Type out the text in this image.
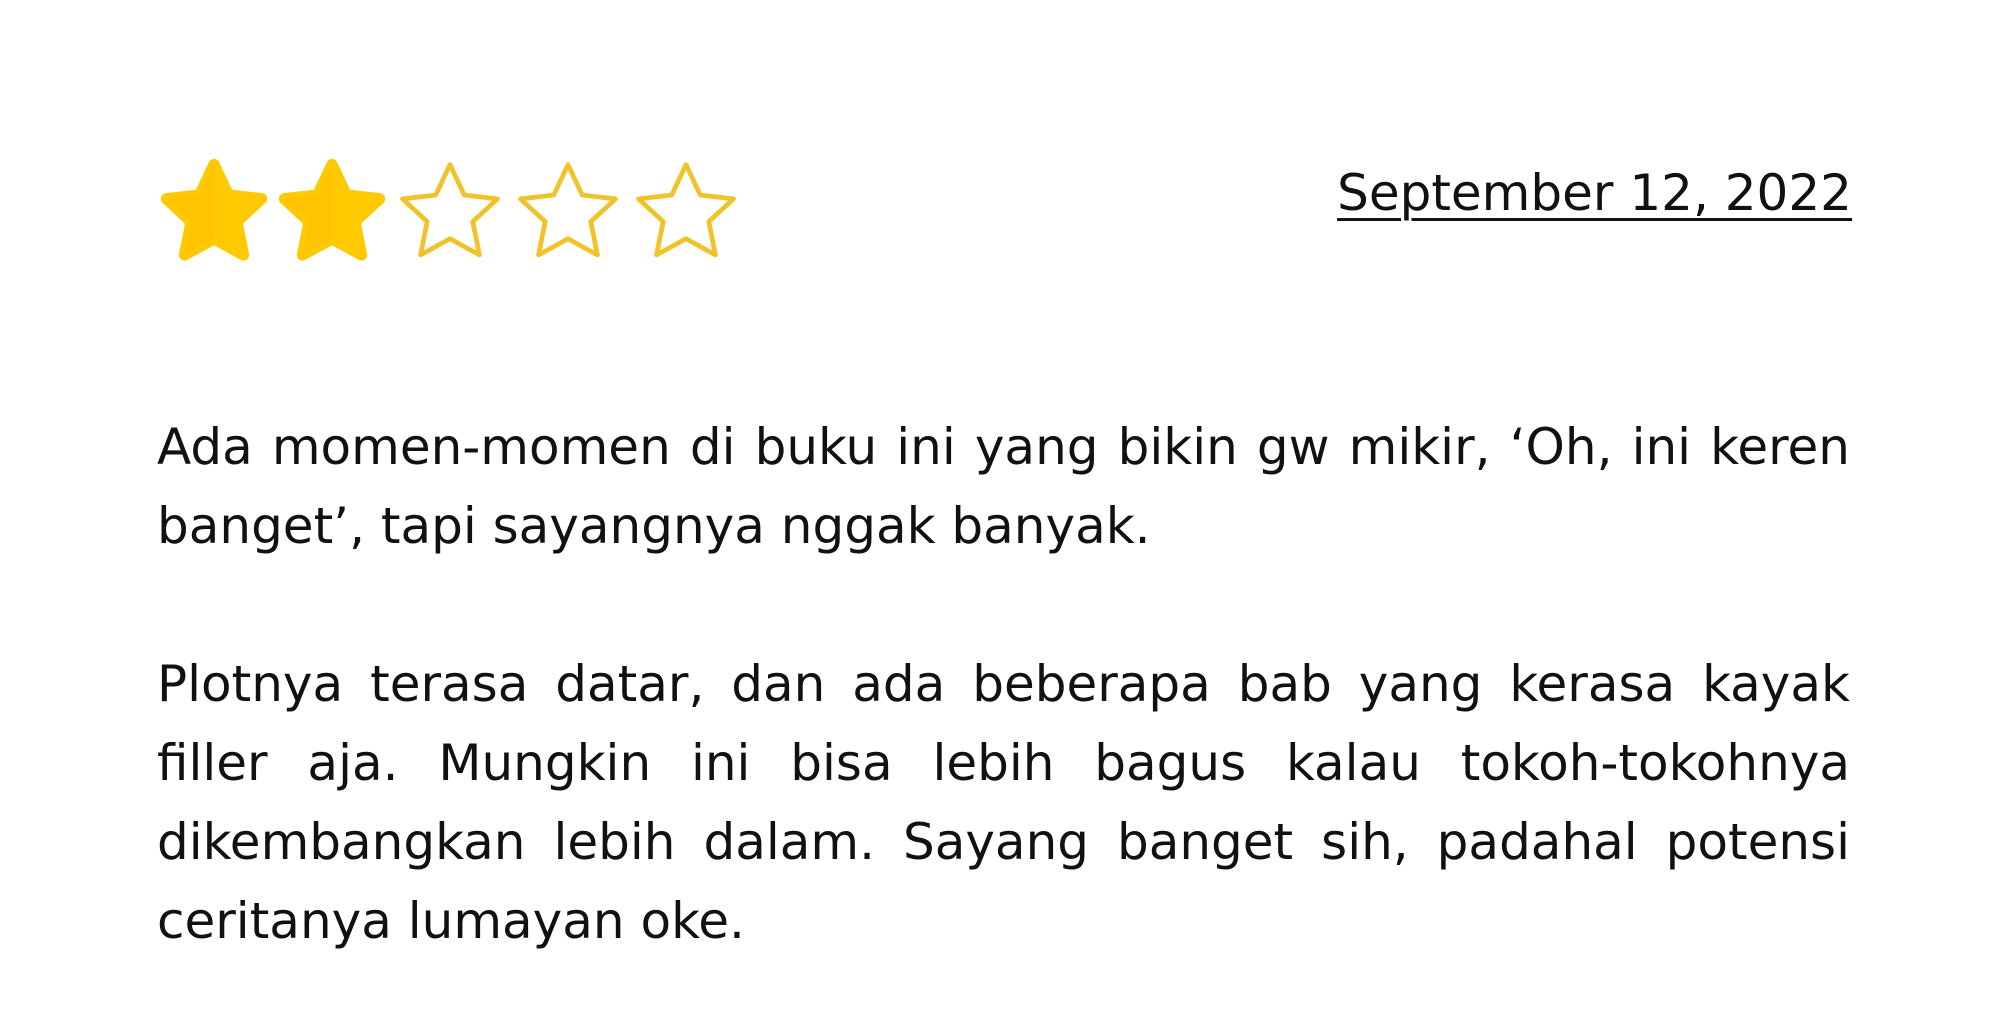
September 12, 2022

Ada momen-momen di buku ini yang bikin gw mikir, ‘Oh, ini keren banget’, tapi sayangnya nggak banyak.

Plotnya terasa datar, dan ada beberapa bab yang kerasa kayak filler aja. Mungkin ini bisa lebih bagus kalau tokoh-tokohnya dikembangkan lebih dalam. Sayang banget sih, padahal potensi ceritanya lumayan oke.
